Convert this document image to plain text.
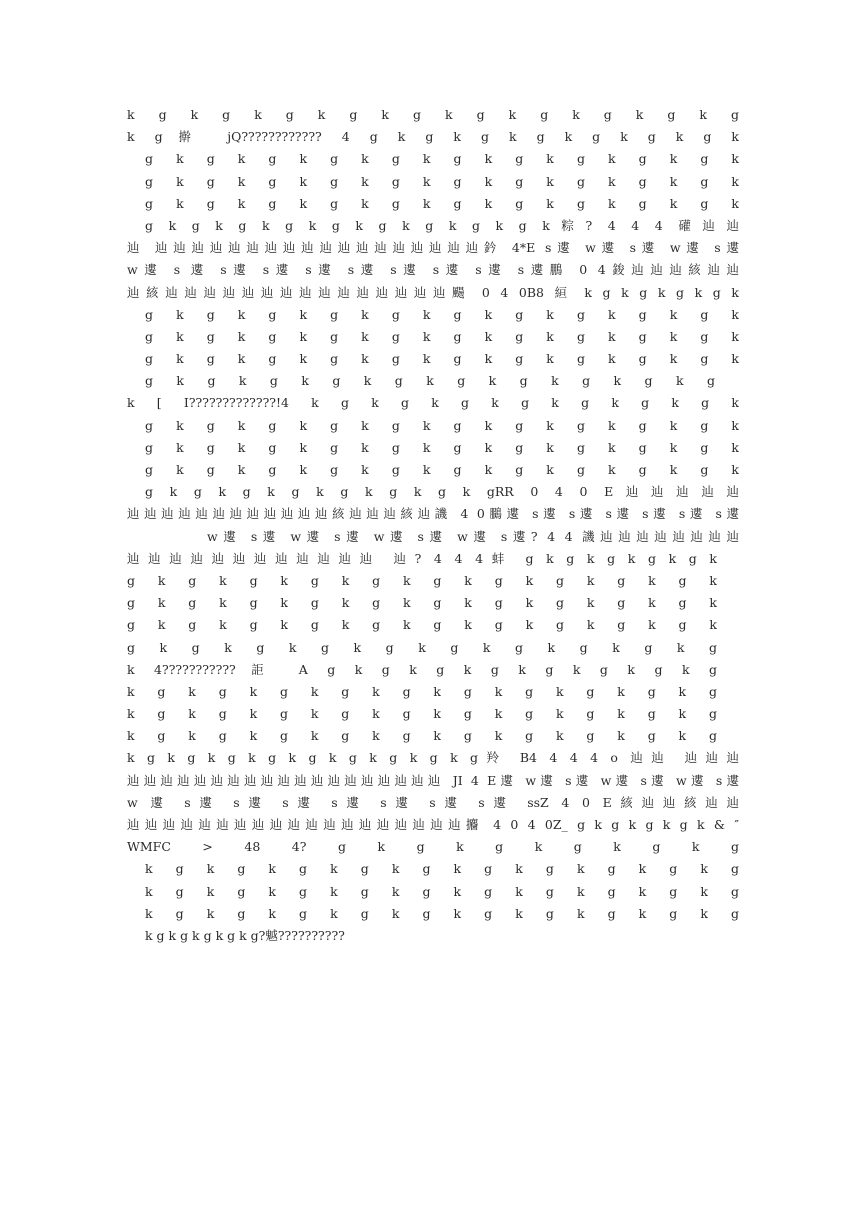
k g k g k g k g k g k g k g k g k g k g
k g擀 jQ???????????? 4 g k g k g k g k g k g k g k
g k g k g k g k g k g k g k g k g k g k
g k g k g k g k g k g k g k g k g k g k
g k g k g k g k g k g k g k g k g k g k
g k g k g k g k g k g k g k g k g k粽? 4 4 4 礶辿辿
辿 辿辿辿辿辿辿辿辿辿辿辿辿辿辿辿辿辿辿鈐 4*E s遱 w遱 s遱 w遱 s遱
w遱 s 遱 s遱 s遱 s遱 s遱 s遱 s遱 s遱 s遱鵬 0 4鋑辿辿辿絯辿辿
辿絯辿辿辿辿辿辿辿辿辿辿辿辿辿辿辿颺 0 4 0B8 絙 k g k g k g k g k
g k g k g k g k g k g k g k g k g k g k
g k g k g k g k g k g k g k g k g k g k
g k g k g k g k g k g k g k g k g k g k
g k g k g k g k g k g k g k g k g k g
k [ I?????????????!4 k g k g k g k g k g k g k g k
g k g k g k g k g k g k g k g k g k g k
g k g k g k g k g k g k g k g k g k g k
g k g k g k g k g k g k g k g k g k g k
g k g k g k g k g k g k g k gRR 0 4 0 E辿辿辿辿辿
辿辿辿辿辿辿辿辿辿辿辿辿絯辿辿辿絯辿譏 4 0鵩遱 s遱 s遱 s遱 s遱 s遱 s遱
w遱 s遱 w遱 s遱 w遱 s遱 w遱 s遱? 4 4 譏辿辿辿辿辿辿辿辿
辿辿辿辿辿辿辿辿辿辿辿辿 辿? 4 4 4蚌 g k g k g k g k g k
g k g k g k g k g k g k g k g k g k g k
g k g k g k g k g k g k g k g k g k g k
g k g k g k g k g k g k g k g k g k g k
g k g k g k g k g k g k g k g k g k g
k 4???????????詎 A g k g k g k g k g k g k g k g
k g k g k g k g k g k g k g k g k g k g
k g k g k g k g k g k g k g k g k g k g
k g k g k g k g k g k g k g k g k g k g
k g k g k g k g k g k g k g k g k g羚 B4 4 4 4 o 辿辿 辿辿辿
辿辿辿辿辿辿辿辿辿辿辿辿辿辿辿辿辿辿辿 JI 4 E遱 w遱 s遱 w遱 s遱 w遱 s遱
w 遱 s遱 s遱 s遱 s遱 s遱 s遱 s遱 ssZ 4 0 E絯辿辿絯辿辿
辿辿辿辿辿辿辿辿辿辿辿辿辿辿辿辿辿辿辿攟 4 0 4 0Z_ g k g k g k g k & ″
WMFC > 48 4? g k g k g k g k g k g
k g k g k g k g k g k g k g k g k g k g
k g k g k g k g k g k g k g k g k g k g
k g k g k g k g k g k g k g k g k g k g
k g k g k g k g k g?魆??????????
